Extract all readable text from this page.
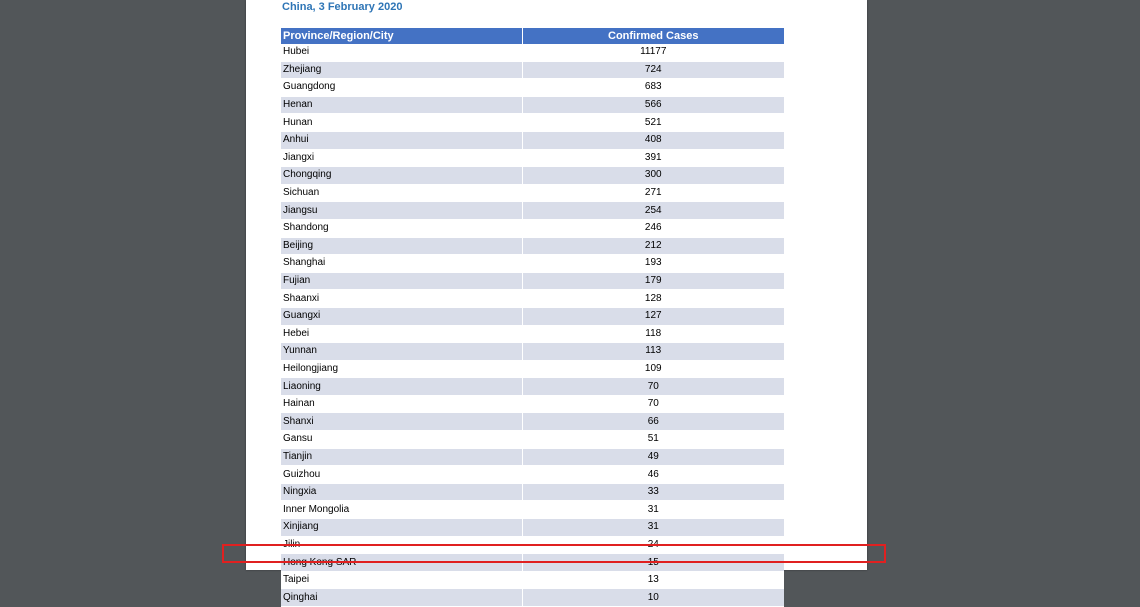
China, 3 February 2020
Province/Region/City	Confirmed Cases
Hubei	11177
Zhejiang	724
Guangdong	683
Henan	566
Hunan	521
Anhui	408
Jiangxi	391
Chongqing	300
Sichuan	271
Jiangsu	254
Shandong	246
Beijing	212
Shanghai	193
Fujian	179
Shaanxi	128
Guangxi	127
Hebei	118
Yunnan	113
Heilongjiang	109
Liaoning	70
Hainan	70
Shanxi	66
Gansu	51
Tianjin	49
Guizhou	46
Ningxia	33
Inner Mongolia	31
Xinjiang	31
Jilin	24
Hong Kong SAR	15
Taipei	13
Qinghai	10
